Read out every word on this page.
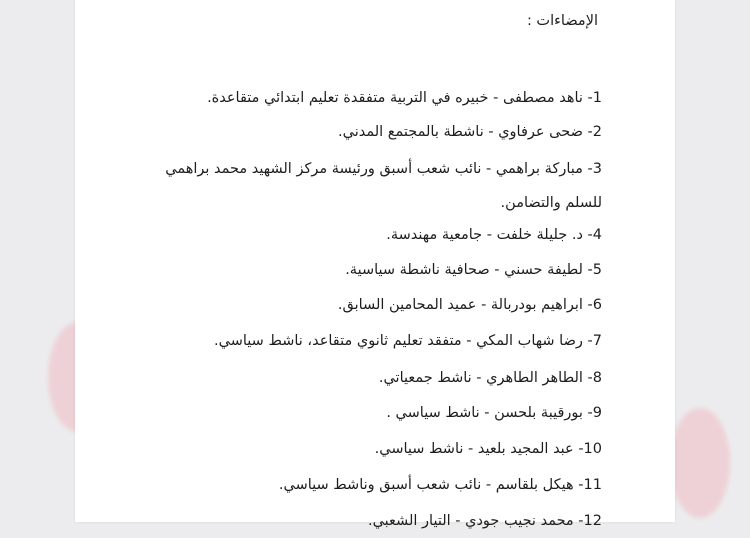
الإمضاءات :
1- ناهد مصطفى - خبيره في التربية متفقدة تعليم ابتدائي متقاعدة.
2- ضحى عرفاوي - ناشطة بالمجتمع المدني.
3- مباركة براهمي - نائب شعب أسبق ورئيسة مركز الشهيد محمد براهمي للسلم والتضامن.
4- د. جليلة خلفت - جامعية مهندسة.
5- لطيفة حسني - صحافية ناشطة سياسية.
6- ابراهيم بودربالة - عميد المحامين السابق.
7- رضا شهاب المكي - متفقد تعليم ثانوي متقاعد، ناشط سياسي.
8- الطاهر الطاهري - ناشط جمعياتي.
9- بورقيبة بلحسن - ناشط سياسي .
10- عبد المجيد بلعيد - ناشط سياسي.
11- هيكل بلقاسم - نائب شعب أسبق وناشط سياسي.
12- محمد نجيب جودي - التيار الشعبي.
